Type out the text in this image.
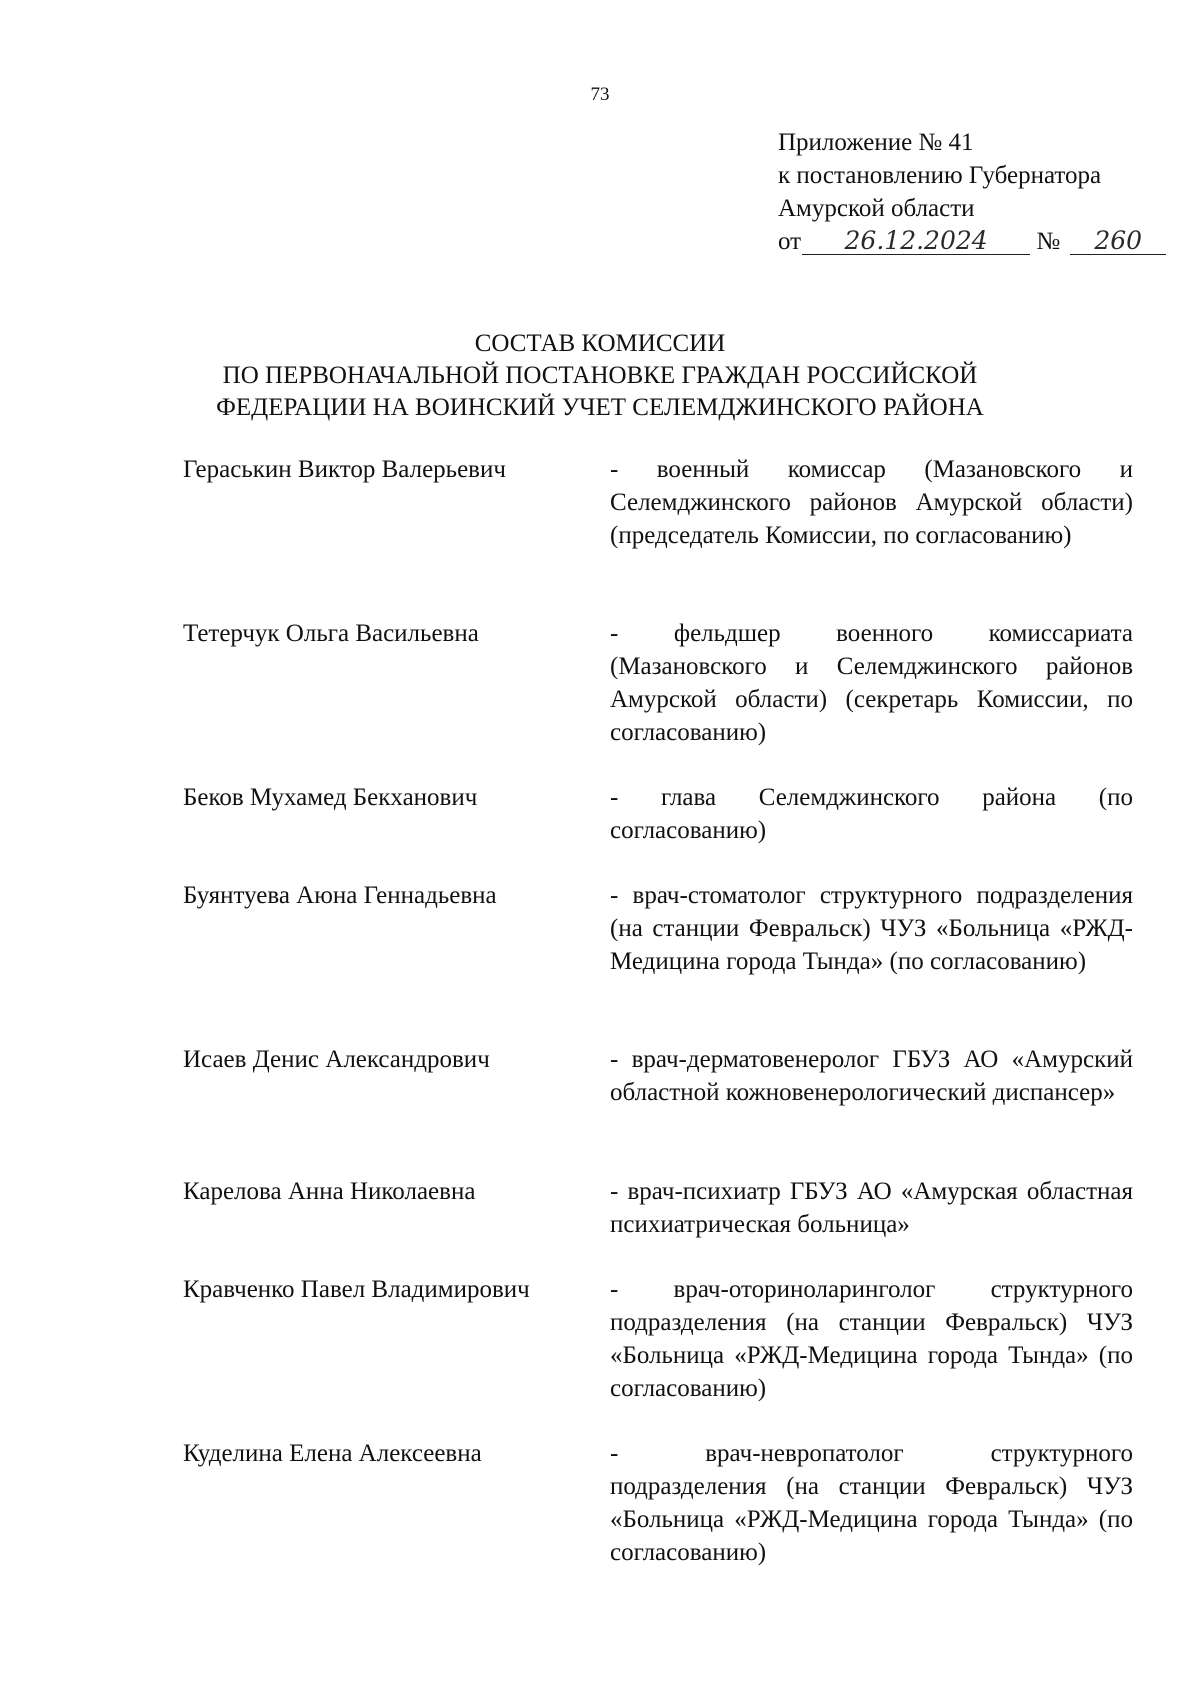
73
Приложение № 41
к постановлению Губернатора
Амурской области
от 26.12.2024 № 260
СОСТАВ КОМИССИИ
ПО ПЕРВОНАЧАЛЬНОЙ ПОСТАНОВКЕ ГРАЖДАН РОССИЙСКОЙ
ФЕДЕРАЦИИ НА ВОИНСКИЙ УЧЕТ СЕЛЕМДЖИНСКОГО РАЙОНА
Гераськин Виктор Валерьевич	- военный комиссар (Мазановского и Селемджинского районов Амурской области) (председатель Комиссии, по согласованию)
Тетерчук Ольга Васильевна	- фельдшер военного комиссариата (Мазановского и Селемджинского районов Амурской области) (секретарь Комиссии, по согласованию)
Беков Мухамед Бекханович	- глава Селемджинского района (по согласованию)
Буянтуева Аюна Геннадьевна	- врач-стоматолог структурного подразделения (на станции Февральск) ЧУЗ «Больница «РЖД-Медицина города Тында» (по согласованию)
Исаев Денис Александрович	- врач-дерматовенеролог ГБУЗ АО «Амурский областной кожновенерологический диспансер»
Карелова Анна Николаевна	- врач-психиатр ГБУЗ АО «Амурская областная психиатрическая больница»
Кравченко Павел Владимирович	- врач-оториноларинголог структурного подразделения (на станции Февральск) ЧУЗ «Больница «РЖД-Медицина города Тында» (по согласованию)
Куделина Елена Алексеевна	- врач-невропатолог структурного подразделения (на станции Февральск) ЧУЗ «Больница «РЖД-Медицина города Тында» (по согласованию)
